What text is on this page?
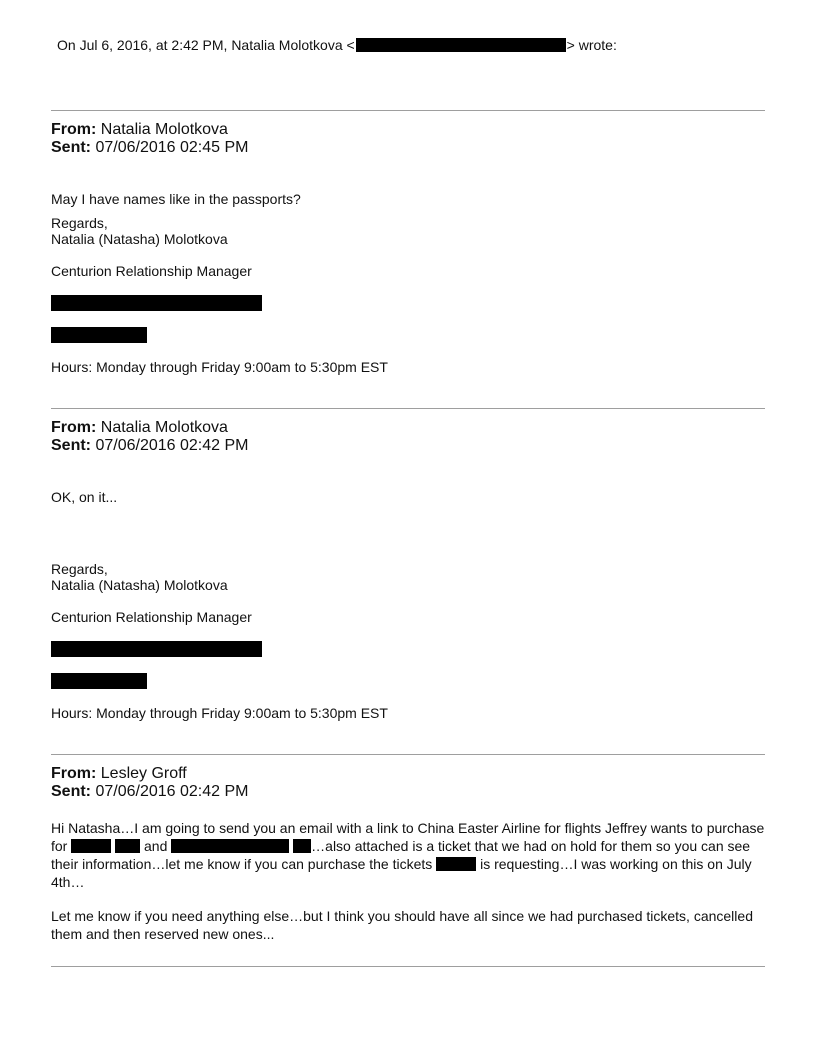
On Jul 6, 2016, at 2:42 PM, Natalia Molotkova <	> wrote:
From: Natalia Molotkova
Sent: 07/06/2016 02:45 PM
May I have names like in the passports?
Regards,
Natalia (Natasha) Molotkova
Centurion Relationship Manager
Hours: Monday through Friday 9:00am to 5:30pm EST
From: Natalia Molotkova
Sent: 07/06/2016 02:42 PM
OK, on it...
Regards,
Natalia (Natasha) Molotkova
Centurion Relationship Manager
Hours: Monday through Friday 9:00am to 5:30pm EST
From: Lesley Groff
Sent: 07/06/2016 02:42 PM
Hi Natasha…I am going to send you an email with a link to China Easter Airline for flights Jeffrey wants to purchase for	and	…also attached is a ticket that we had on hold for them so you can see their information…let me know if you can purchase the tickets	is requesting…I was working on this on July 4th…
Let me know if you need anything else…but I think you should have all since we had purchased tickets, cancelled them and then reserved new ones...
